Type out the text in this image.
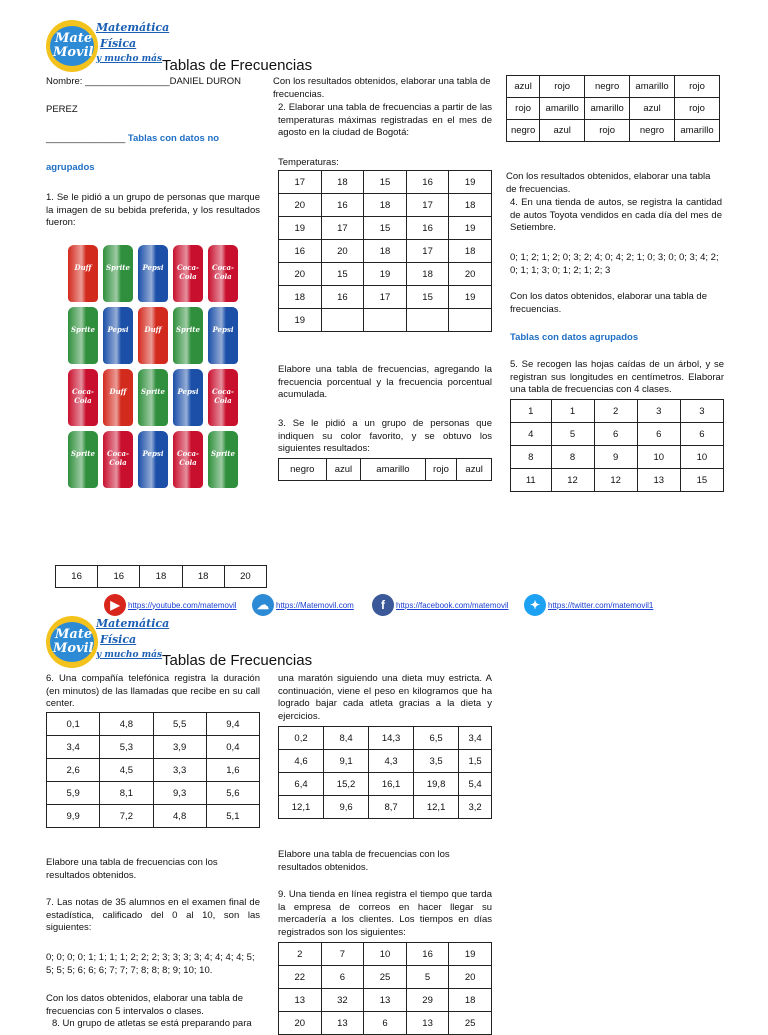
Mate
Movil
Matemática
Física
y mucho más Tablas de Frecuencias
Nombre: ________________DANIEL DURON
PEREZ
_______________ Tablas con datos no
agrupados
1. Se le pidió a un grupo de personas que marque la imagen de su bebida preferida, y los resultados fueron:
Duff	Sprite	Pepsi	Coca-Cola
Coca-Cola
Sprite	Pepsi	Duff	Sprite	Pepsi
Coca-Cola
Duff	Sprite	Pepsi	Coca-Cola
Sprite	Coca-Cola
Pepsi	Coca-Cola
Sprite
Con los resultados obtenidos, elaborar una tabla de frecuencias.
2. Elaborar una tabla de frecuencias a partir de las temperaturas máximas registradas en el mes de agosto en la ciudad de Bogotá:
Temperaturas:
17	18	15	16	19
20	16	18	17	18
19	17	15	16	19
16	20	18	17	18
20	15	19	18	20
18	16	17	15	19
19				
Elabore una tabla de frecuencias, agregando la frecuencia porcentual y la frecuencia porcentual acumulada.
3. Se le pidió a un grupo de personas que indiquen su color favorito, y se obtuvo los siguientes resultados:
negro	azul	amarillo	rojo	azul
azul	rojo	negro	amarillo	rojo
rojo	amarillo	amarillo	azul	rojo
negro	azul	rojo	negro	amarillo
Con los resultados obtenidos, elaborar una tabla de frecuencias.
4. En una tienda de autos, se registra la cantidad de autos Toyota vendidos en cada día del mes de Setiembre.
0; 1; 2; 1; 2; 0; 3; 2; 4; 0; 4; 2; 1; 0; 3; 0; 0; 3; 4; 2; 0; 1; 1; 3; 0; 1; 2; 1; 2; 3
Con los datos obtenidos, elaborar una tabla de frecuencias.
Tablas con datos agrupados
5. Se recogen las hojas caídas de un árbol, y se registran sus longitudes en centímetros. Elaborar una tabla de frecuencias con 4 clases.
1	1	2	3	3
4	5	6	6	6
8	8	9	10	10
11	12	12	13	15
16	16	18	18	20
▶	https://youtube.com/matemovil	☁ https://Matemovil.com	f	https://facebook.com/matemovil	✦ https://twitter.com/matemovil1
Mate
Movil
Matemática
Física
y mucho más Tablas de Frecuencias
6. Una compañía telefónica registra la duración (en minutos) de las llamadas que recibe en su call center.
0,1	4,8	5,5	9,4
3,4	5,3	3,9	0,4
2,6	4,5	3,3	1,6
5,9	8,1	9,3	5,6
9,9	7,2	4,8	5,1
Elabore una tabla de frecuencias con los resultados obtenidos.
7. Las notas de 35 alumnos en el examen final de estadística, calificado del 0 al 10, son las siguientes:
0; 0; 0; 0; 1; 1; 1; 1; 2; 2; 2; 3; 3; 3; 3; 4; 4; 4; 4; 5; 5; 5; 5; 6; 6; 6; 7; 7; 7; 8; 8; 8; 9; 10; 10.
Con los datos obtenidos, elaborar una tabla de frecuencias con 5 intervalos o clases.
8. Un grupo de atletas se está preparando para
una maratón siguiendo una dieta muy estricta. A continuación, viene el peso en kilogramos que ha logrado bajar cada atleta gracias a la dieta y ejercicios.
0,2	8,4	14,3	6,5	3,4
4,6	9,1	4,3	3,5	1,5
6,4	15,2	16,1	19,8	5,4
12,1	9,6	8,7	12,1	3,2
Elabore una tabla de frecuencias con los resultados obtenidos.
9. Una tienda en línea registra el tiempo que tarda la empresa de correos en hacer llegar su mercadería a los clientes. Los tiempos en días registrados son los siguientes:
2	7	10	16	19
22	6	25	5	20
13	32	13	29	18
20	13	6	13	25
